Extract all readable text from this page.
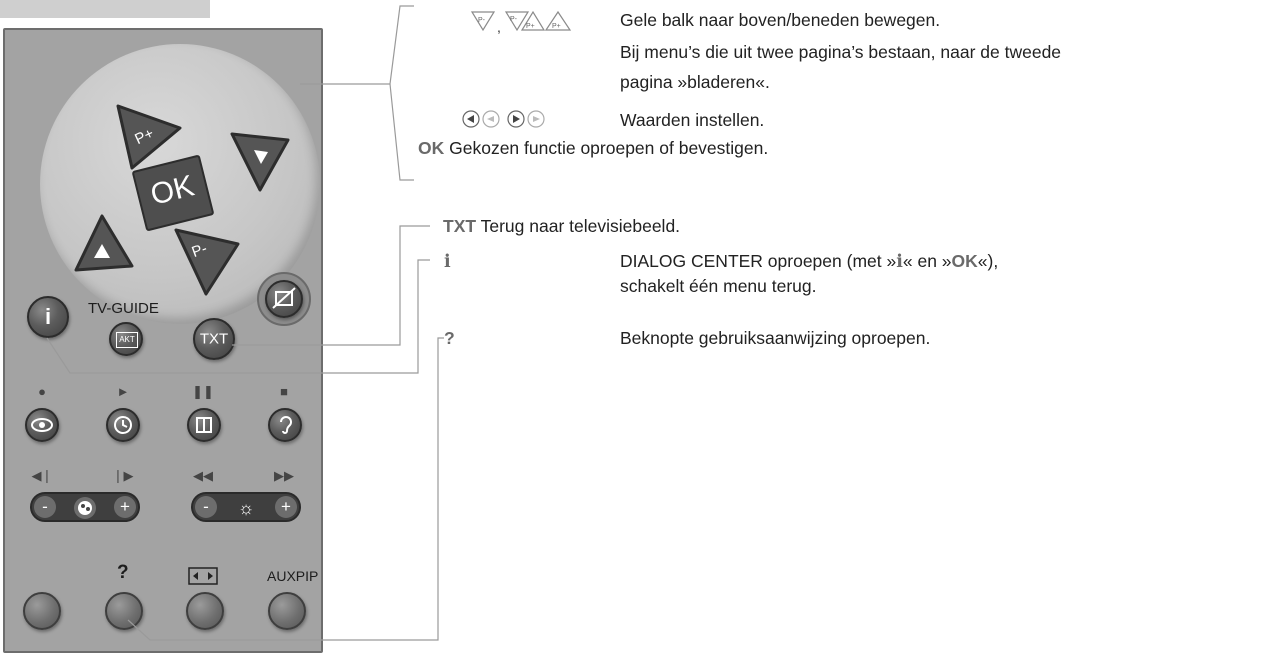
P+
P-
OK
i	TV-GUIDE
AKT	TXT
●	►	❚❚	■
◀❘	❘▶	◀◀	▶▶
-	+	-	☼	+
?	AUXPIP
P- , P-
P+ P+	Gele balk naar boven/beneden bewegen.
Bij menu’s die uit twee pagina’s bestaan, naar de tweede
pagina »bladeren«.
Waarden instellen.
OK Gekozen functie oproepen of bevestigen.
TXT Terug naar televisiebeeld.
i	DIALOG CENTER oproepen (met »i« en »OK«),
schakelt één menu terug.
?	Beknopte gebruiksaanwijzing oproepen.
